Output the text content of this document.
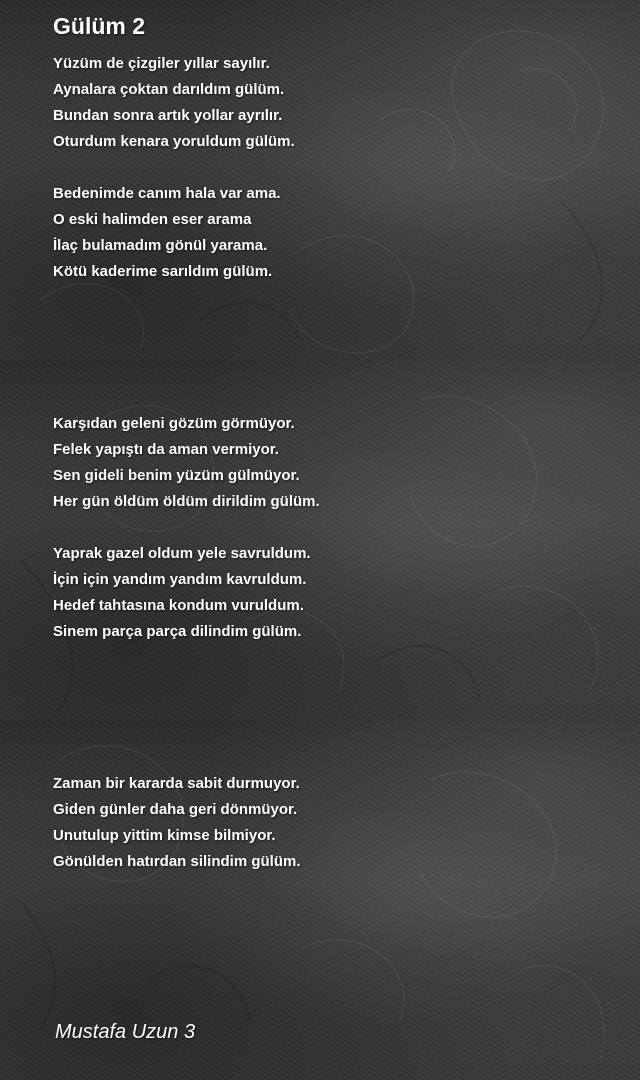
Gülüm 2
Yüzüm de çizgiler yıllar sayılır.
Aynalara çoktan darıldım gülüm.
Bundan sonra artık yollar ayrılır.
Oturdum kenara yoruldum gülüm.
Bedenimde canım hala var ama.
O eski halimden eser arama
İlaç bulamadım gönül yarama.
Kötü kaderime sarıldım gülüm.
Karşıdan geleni gözüm görmüyor.
Felek yapıştı da aman vermiyor.
Sen gideli benim yüzüm gülmüyor.
Her gün öldüm öldüm dirildim gülüm.
Yaprak gazel oldum yele savruldum.
İçin için yandım yandım kavruldum.
Hedef tahtasına kondum vuruldum.
Sinem parça parça dilindim gülüm.
Zaman bir kararda sabit durmuyor.
Giden günler daha geri dönmüyor.
Unutulup yittim kimse bilmiyor.
Gönülden hatırdan silindim gülüm.

Mustafa Uzun 3
